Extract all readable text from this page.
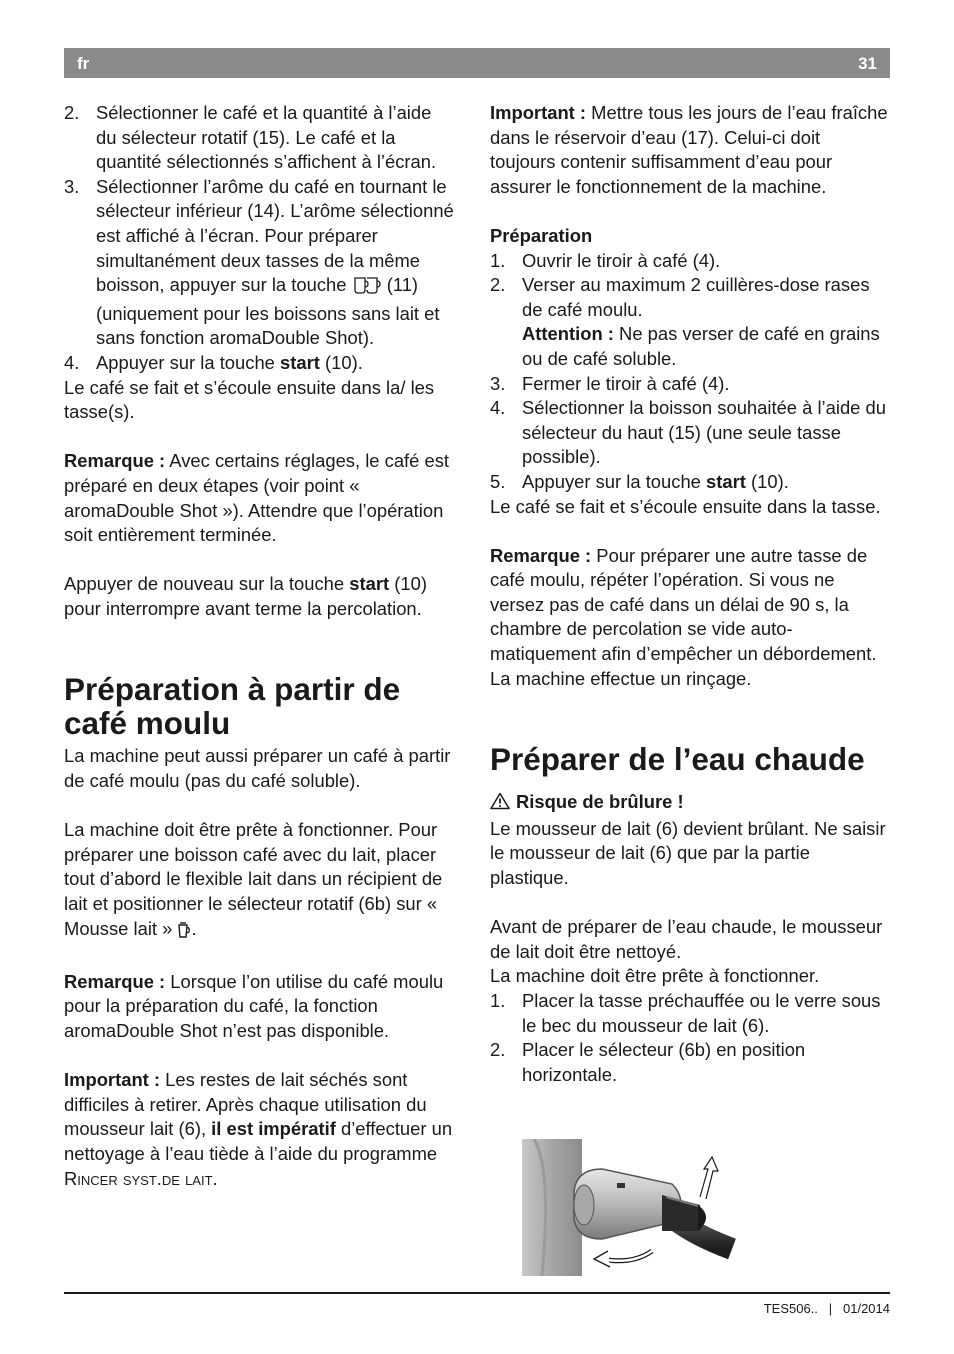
fr	31
2. Sélectionner le café et la quantité à l’aide du sélecteur rotatif (15). Le café et la quantité sélectionnés s’affichent à l’écran.
3. Sélectionner l’arôme du café en tournant le sélecteur inférieur (14). L’arôme sélectionné est affiché à l’écran. Pour préparer simultanément deux tasses de la même boisson, appuyer sur la touche  (11) (uniquement pour les boissons sans lait et sans fonction aromaDouble Shot).
4. Appuyer sur la touche start (10).

Le café se fait et s’écoule ensuite dans la/ les tasse(s).

Remarque : Avec certains réglages, le café est préparé en deux étapes (voir point « aromaDouble Shot »). Attendre que l’opération soit entièrement terminée.

Appuyer de nouveau sur la touche start (10) pour interrompre avant terme la percolation.

Préparation à partir de
café moulu

La machine peut aussi préparer un café à partir de café moulu (pas du café soluble).

La machine doit être prête à fonctionner. Pour préparer une boisson café avec du lait, placer tout d’abord le flexible lait dans un récipient de lait et positionner le sélecteur rotatif (6b) sur « Mousse lait » .

Remarque : Lorsque l’on utilise du café moulu pour la préparation du café, la fonction aromaDouble Shot n’est pas disponible.

Important : Les restes de lait séchés sont difficiles à retirer. Après chaque utilisation du mousseur lait (6), il est impératif d’effectuer un nettoyage à l’eau tiède à l’aide du programme Rincer syst.de lait.

Important : Mettre tous les jours de l’eau fraîche dans le réservoir d’eau (17). Celui-ci doit toujours contenir suffisamment d’eau pour assurer le fonctionnement de la machine.

Préparation

1. Ouvrir le tiroir à café (4).
2. Verser au maximum 2 cuillères-dose rases de café moulu.
Attention : Ne pas verser de café en grains ou de café soluble.
3. Fermer le tiroir à café (4).
4. Sélectionner la boisson souhaitée à l’aide du sélecteur du haut (15) (une seule tasse possible).
5. Appuyer sur la touche start (10).

Le café se fait et s’écoule ensuite dans la tasse.

Remarque : Pour préparer une autre tasse de café moulu, répéter l’opération. Si vous ne versez pas de café dans un délai de 90 s, la chambre de percolation se vide automatiquement afin d’empêcher un débordement. La machine effectue un rinçage.

Préparer de l’eau chaude

Risque de brûlure !

Le mousseur de lait (6) devient brûlant. Ne saisir le mousseur de lait (6) que par la partie plastique.

Avant de préparer de l’eau chaude, le mousseur de lait doit être nettoyé.

La machine doit être prête à fonctionner.

1. Placer la tasse préchauffée ou le verre sous le bec du mousseur de lait (6).
2. Placer le sélecteur (6b) en position horizontale.
TES506.. | 01/2014
